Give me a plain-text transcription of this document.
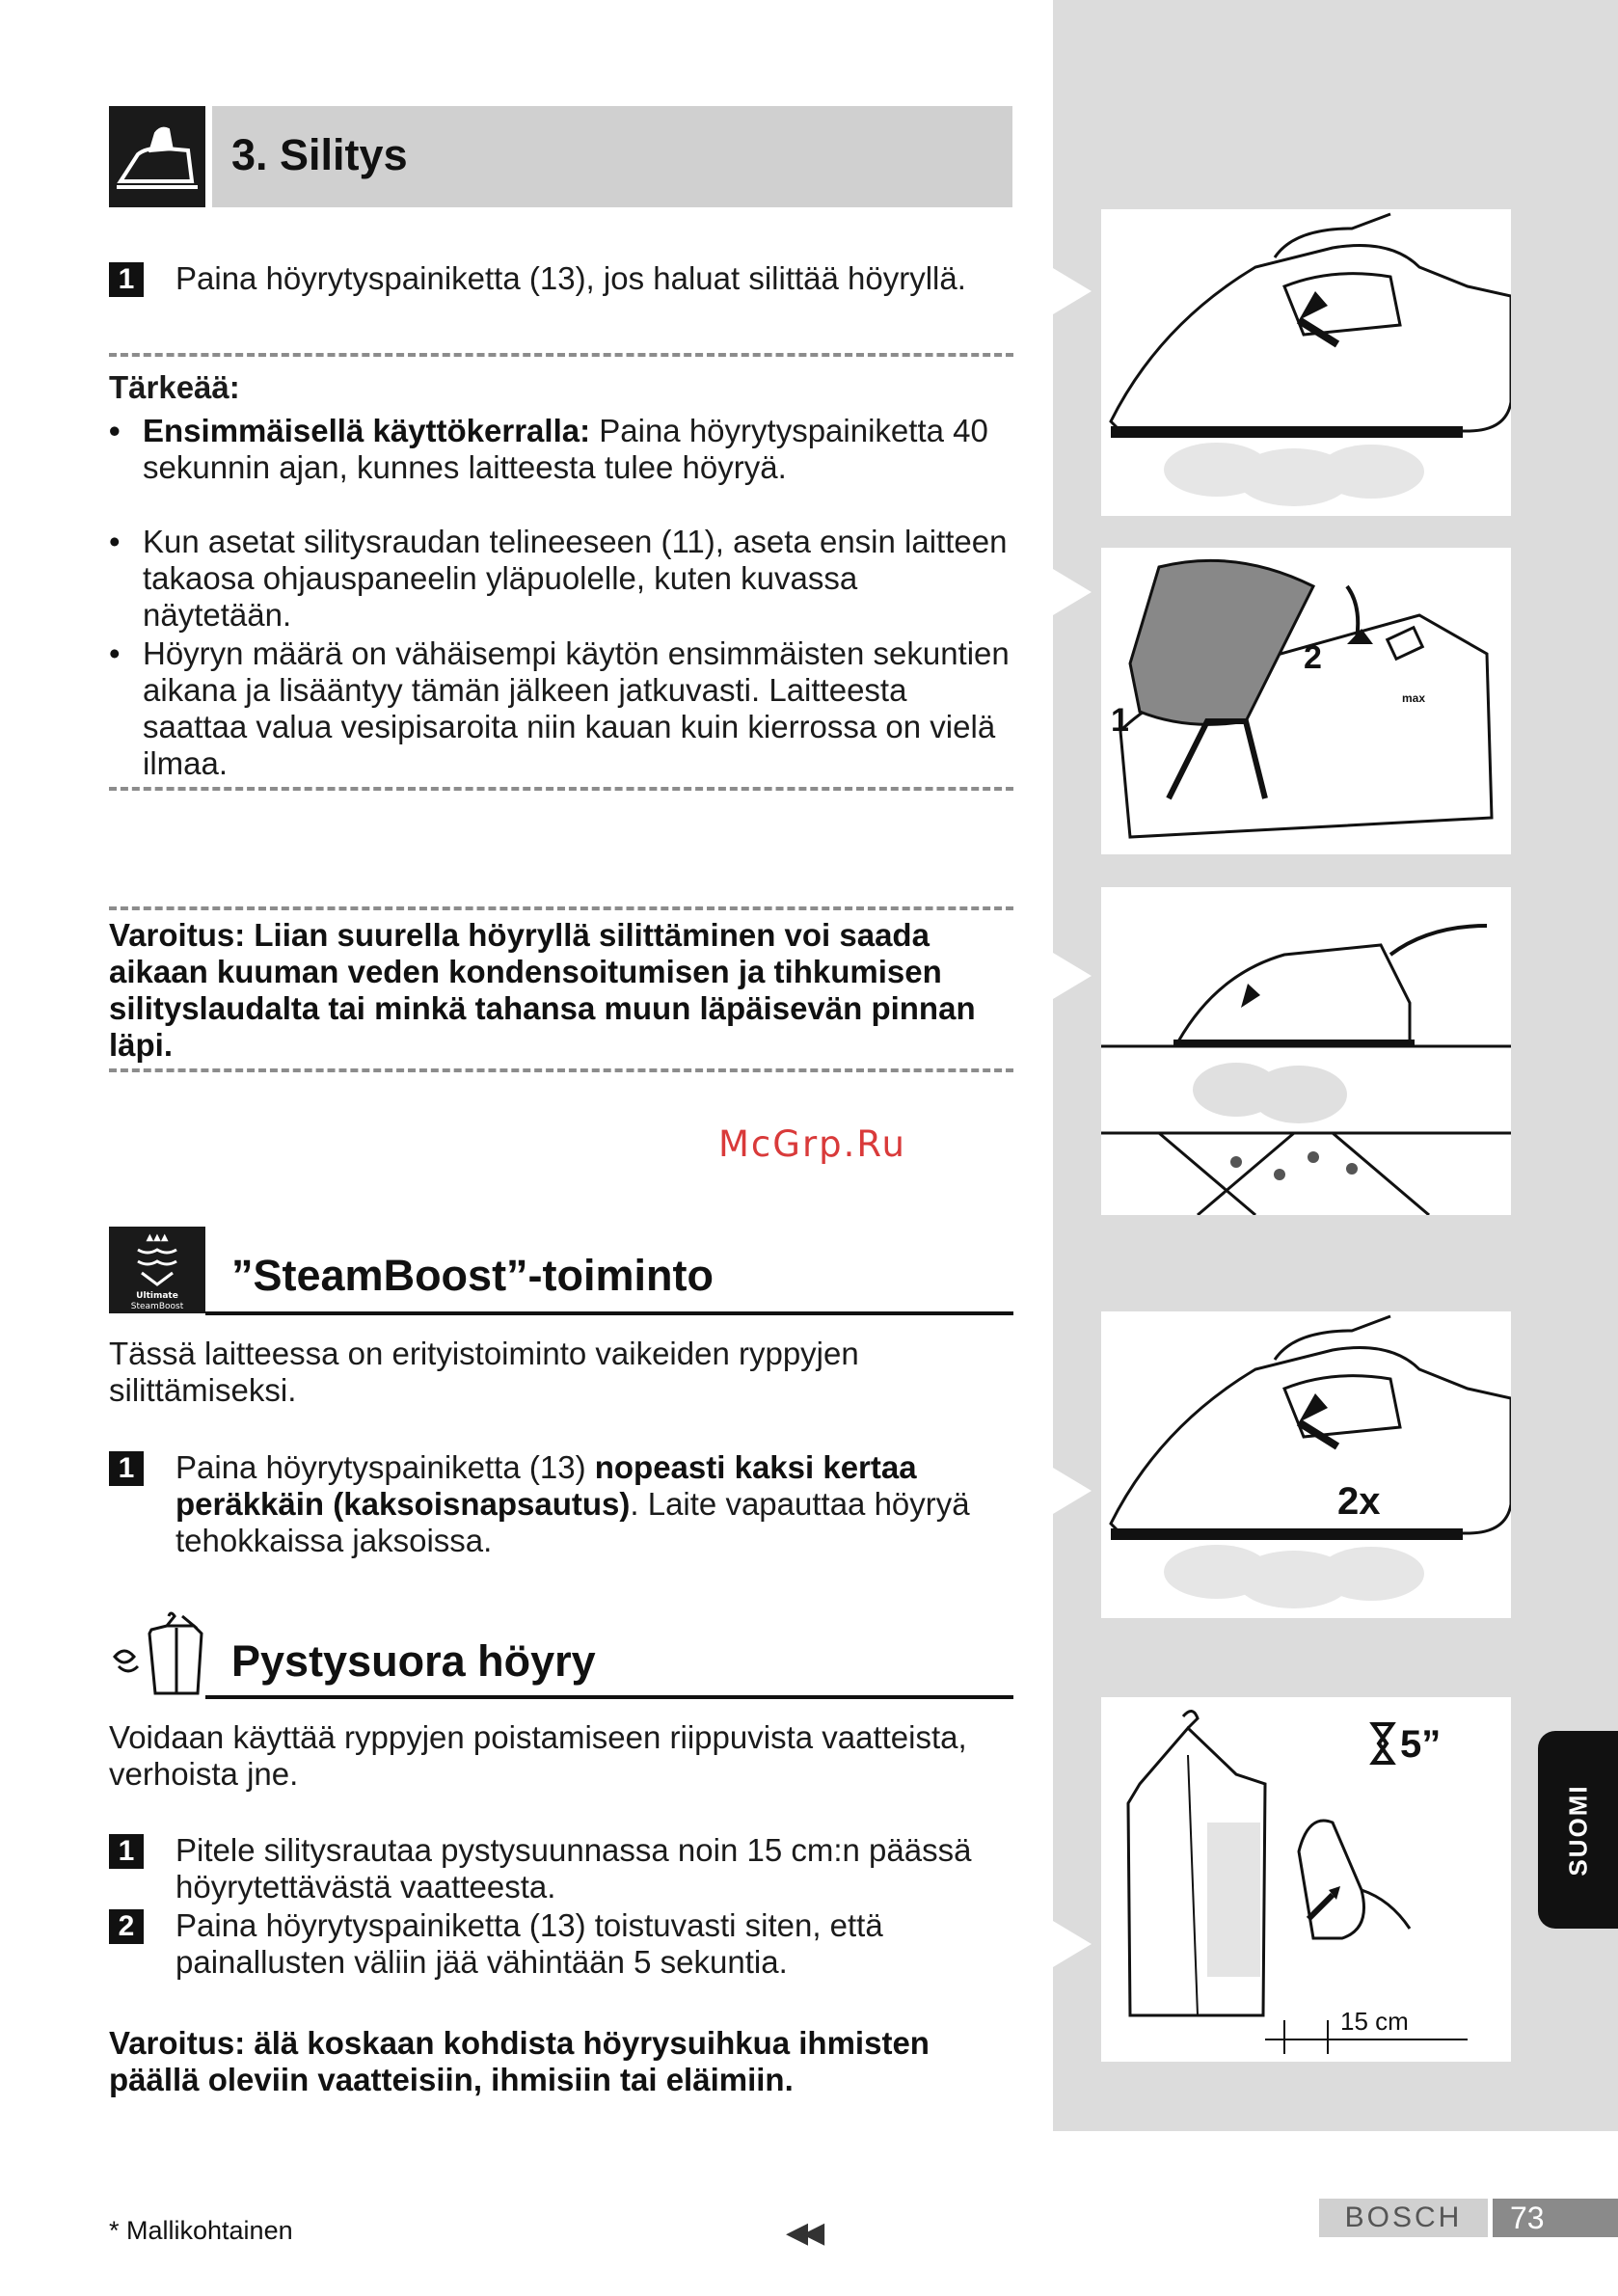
3. Silitys
1 Paina höyrytyspainiketta (13), jos haluat silittää höyryllä.
Tärkeää:
• Ensimmäisellä käyttökerralla: Paina höyrytyspainiketta 40 sekunnin ajan, kunnes laitteesta tulee höyryä.
• Kun asetat silitysraudan telineeseen (11), aseta ensin laitteen takaosa ohjauspaneelin yläpuolelle, kuten kuvassa näytetään.
• Höyryn määrä on vähäisempi käytön ensimmäisten sekuntien aikana ja lisääntyy tämän jälkeen jatkuvasti. Laitteesta saattaa valua vesipisaroita niin kauan kuin kierrossa on vielä ilmaa.
Varoitus: Liian suurella höyryllä silittäminen voi saada aikaan kuuman veden kondensoitumisen ja tihkumisen silityslaudalta tai minkä tahansa muun läpäisevän pinnan läpi.
McGrp.Ru
▲▲▲
Ultimate
SteamBoost
”SteamBoost”-toiminto
Tässä laitteessa on erityistoiminto vaikeiden ryppyjen silittämiseksi.
1 Paina höyrytyspainiketta (13) nopeasti kaksi kertaa peräkkäin (kaksoisnapsautus). Laite vapauttaa höyryä tehokkaissa jaksoissa.
Pystysuora höyry
Voidaan käyttää ryppyjen poistamiseen riippuvista vaatteista, verhoista jne.
1 Pitele silitysrautaa pystysuunnassa noin 15 cm:n päässä höyrytettävästä vaatteesta.
2 Paina höyrytyspainiketta (13) toistuvasti siten, että painallusten väliin jää vähintään 5 sekuntia.
Varoitus: älä koskaan kohdista höyrysuihkua ihmisten päällä oleviin vaatteisiin, ihmisiin tai eläimiin.
2
1
max
2x
5”
15 cm
SUOMI
* Mallikohtainen	◀◀	BOSCH	73
